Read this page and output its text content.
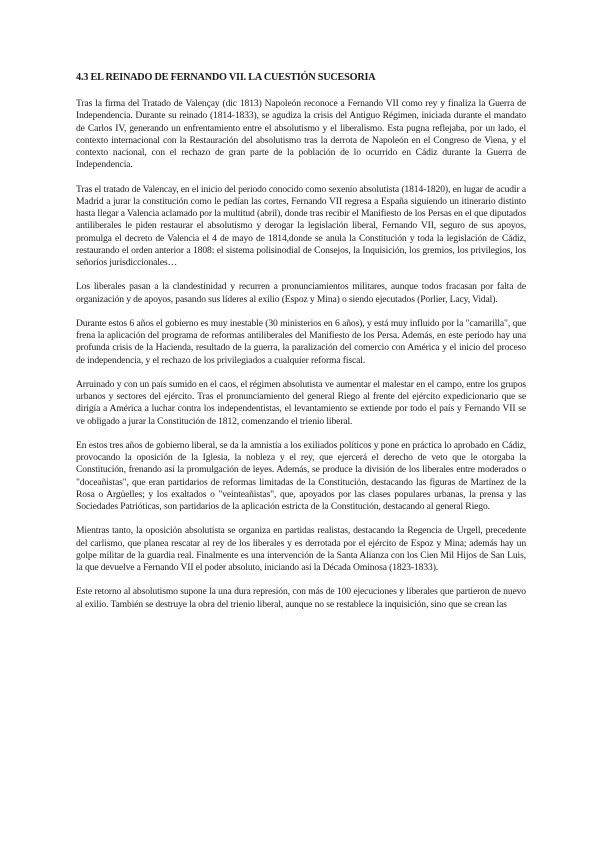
4.3 EL REINADO DE FERNANDO VII. LA CUESTIÓN SUCESORIA

Tras la firma del Tratado de Valençay (dic 1813) Napoleón reconoce a Fernando VII como rey y finaliza la Guerra de Independencia. Durante su reinado (1814-1833), se agudiza la crisis del Antiguo Régimen, iniciada durante el mandato de Carlos IV, generando un enfrentamiento entre el absolutismo y el liberalismo. Esta pugna reflejaba, por un lado, el contexto internacional con la Restauración del absolutismo tras la derrota de Napoleón en el Congreso de Viena, y el contexto nacional, con el rechazo de gran parte de la población de lo ocurrido en Cádiz durante la Guerra de Independencia.

Tras el tratado de Valencay, en el inicio del periodo conocido como sexenio absolutista (1814-1820), en lugar de acudir a Madrid a jurar la constitución como le pedían las cortes, Fernando VII regresa a España siguiendo un itinerario distinto hasta llegar a Valencia aclamado por la multitud (abril), donde tras recibir el Manifiesto de los Persas en el que diputados antiliberales le piden restaurar el absolutismo y derogar la legislación liberal, Fernando VII, seguro de sus apoyos, promulga el decreto de Valencia el 4 de mayo de 1814,donde se anula la Constitución y toda la legislación de Cádiz, restaurando el orden anterior a 1808: el sistema polisinodial de Consejos, la Inquisición, los gremios, los privilegios, los señoríos jurisdiccionales…

Los liberales pasan a la clandestinidad y recurren a pronunciamientos militares, aunque todos fracasan por falta de organización y de apoyos, pasando sus líderes al exilio (Espoz y Mina) o siendo ejecutados (Porlier, Lacy, Vidal).

Durante estos 6 años el gobierno es muy inestable (30 ministerios en 6 años), y está muy influido por la "camarilla", que frena la aplicación del programa de reformas antiliberales del Manifiesto de los Persa. Además, en este periodo hay una profunda crisis de la Hacienda, resultado de la guerra, la paralización del comercio con América y el inicio del proceso de independencia, y el rechazo de los privilegiados a cualquier reforma fiscal.

Arruinado y con un país sumido en el caos, el régimen absolutista ve aumentar el malestar en el campo, entre los grupos urbanos y sectores del ejército. Tras el pronunciamiento del general Riego al frente del ejército expedicionario que se dirigía a América a luchar contra los independentistas, el levantamiento se extiende por todo el país y Fernando VII se ve obligado a jurar la Constitución de 1812, comenzando el trienio liberal.

En estos tres años de gobierno liberal, se da la amnistía a los exiliados políticos y pone en práctica lo aprobado en Cádiz, provocando la oposición de la Iglesia, la nobleza y el rey, que ejercerá el derecho de veto que le otorgaba la Constitución, frenando así la promulgación de leyes. Además, se produce la división de los liberales entre moderados o "doceañistas", que eran partidarios de reformas limitadas de la Constitución, destacando las figuras de Martínez de la Rosa o Argüelles; y los exaltados o "veinteañistas", que, apoyados por las clases populares urbanas, la prensa y las Sociedades Patrióticas, son partidarios de la aplicación estricta de la Constitución, destacando al general Riego.

Mientras tanto, la oposición absolutista se organiza en partidas realistas, destacando la Regencia de Urgell, precedente del carlismo, que planea rescatar al rey de los liberales y es derrotada por el ejército de Espoz y Mina; además hay un golpe militar de la guardia real. Finalmente es una intervención de la Santa Alianza con los Cien Mil Hijos de San Luis, la que devuelve a Fernando VII el poder absoluto, iniciando así la Década Ominosa (1823-1833).

Este retorno al absolutismo supone la una dura represión, con más de 100 ejecuciones y liberales que partieron de nuevo al exilio. También se destruye la obra del trienio liberal, aunque no se restablece la inquisición, sino que se crean las
